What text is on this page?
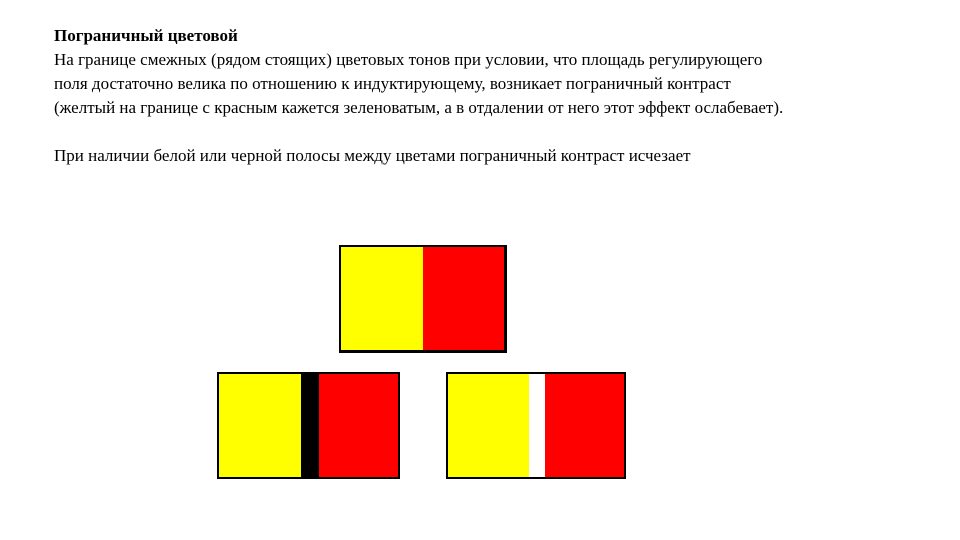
Пограничный цветовой
На границе смежных (рядом стоящих) цветовых тонов при условии, что площадь регулирующего
поля достаточно велика по отношению к индуктирующему, возникает пограничный контраст
(желтый на границе с красным кажется зеленоватым, а в отдалении от него этот эффект ослабевает).
При наличии белой или черной полосы между цветами пограничный контраст исчезает
